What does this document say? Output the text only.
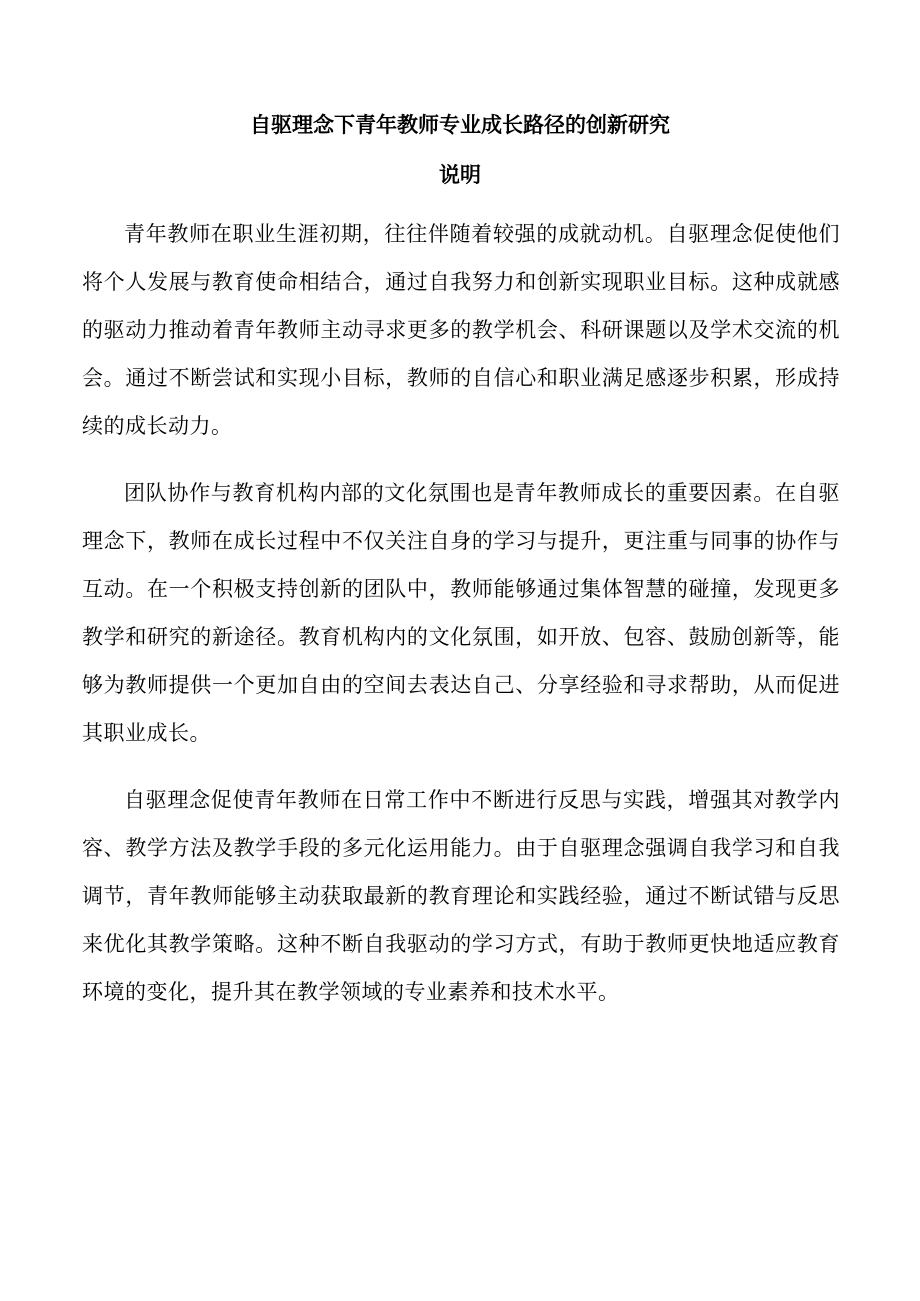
自驱理念下青年教师专业成长路径的创新研究
说明

青年教师在职业生涯初期，往往伴随着较强的成就动机。自驱理念促使他们将个人发展与教育使命相结合，通过自我努力和创新实现职业目标。这种成就感的驱动力推动着青年教师主动寻求更多的教学机会、科研课题以及学术交流的机会。通过不断尝试和实现小目标，教师的自信心和职业满足感逐步积累，形成持续的成长动力。

团队协作与教育机构内部的文化氛围也是青年教师成长的重要因素。在自驱理念下，教师在成长过程中不仅关注自身的学习与提升，更注重与同事的协作与互动。在一个积极支持创新的团队中，教师能够通过集体智慧的碰撞，发现更多教学和研究的新途径。教育机构内的文化氛围，如开放、包容、鼓励创新等，能够为教师提供一个更加自由的空间去表达自己、分享经验和寻求帮助，从而促进其职业成长。

自驱理念促使青年教师在日常工作中不断进行反思与实践，增强其对教学内容、教学方法及教学手段的多元化运用能力。由于自驱理念强调自我学习和自我调节，青年教师能够主动获取最新的教育理论和实践经验，通过不断试错与反思来优化其教学策略。这种不断自我驱动的学习方式，有助于教师更快地适应教育环境的变化，提升其在教学领域的专业素养和技术水平。
